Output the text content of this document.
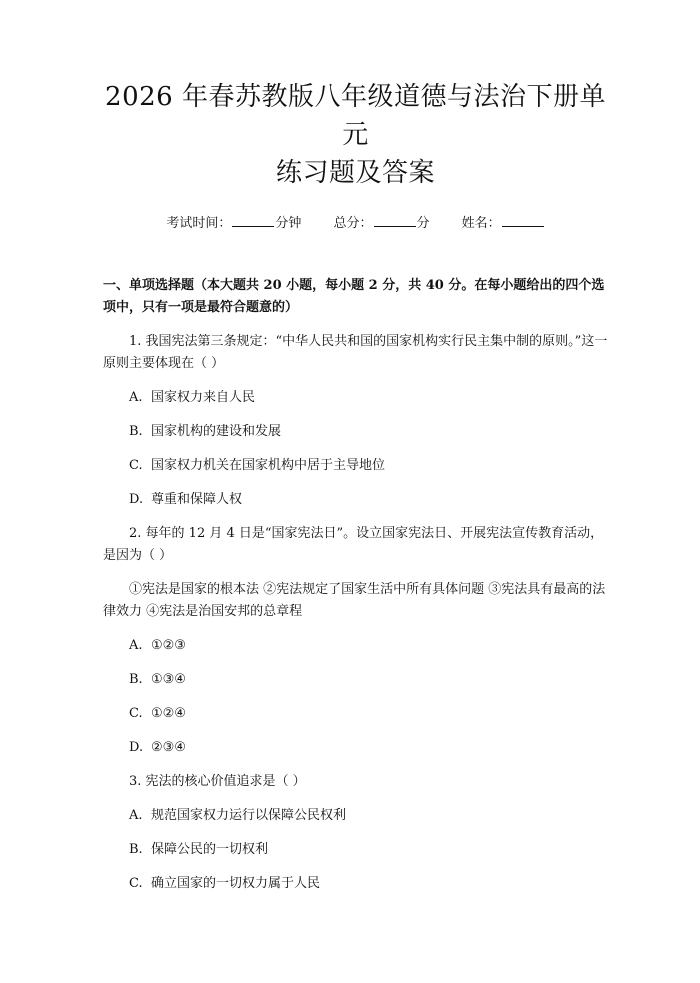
2026 年春苏教版八年级道德与法治下册单元
练习题及答案
考试时间：	分钟 总分：	分 姓名：
一、单项选择题（本大题共 20 小题，每小题 2 分，共 40 分。在每小题给出的四个选项中，只有一项是最符合题意的）
1. 我国宪法第三条规定：“中华人民共和国的国家机构实行民主集中制的原则。”这一原则主要体现在（ ）
A. 国家权力来自人民
B. 国家机构的建设和发展
C. 国家权力机关在国家机构中居于主导地位
D. 尊重和保障人权
2. 每年的 12 月 4 日是“国家宪法日”。设立国家宪法日、开展宪法宣传教育活动，是因为（ ）
①宪法是国家的根本法 ②宪法规定了国家生活中所有具体问题 ③宪法具有最高的法律效力 ④宪法是治国安邦的总章程
A. ①②③
B. ①③④
C. ①②④
D. ②③④
3. 宪法的核心价值追求是（ ）
A. 规范国家权力运行以保障公民权利
B. 保障公民的一切权利
C. 确立国家的一切权力属于人民
